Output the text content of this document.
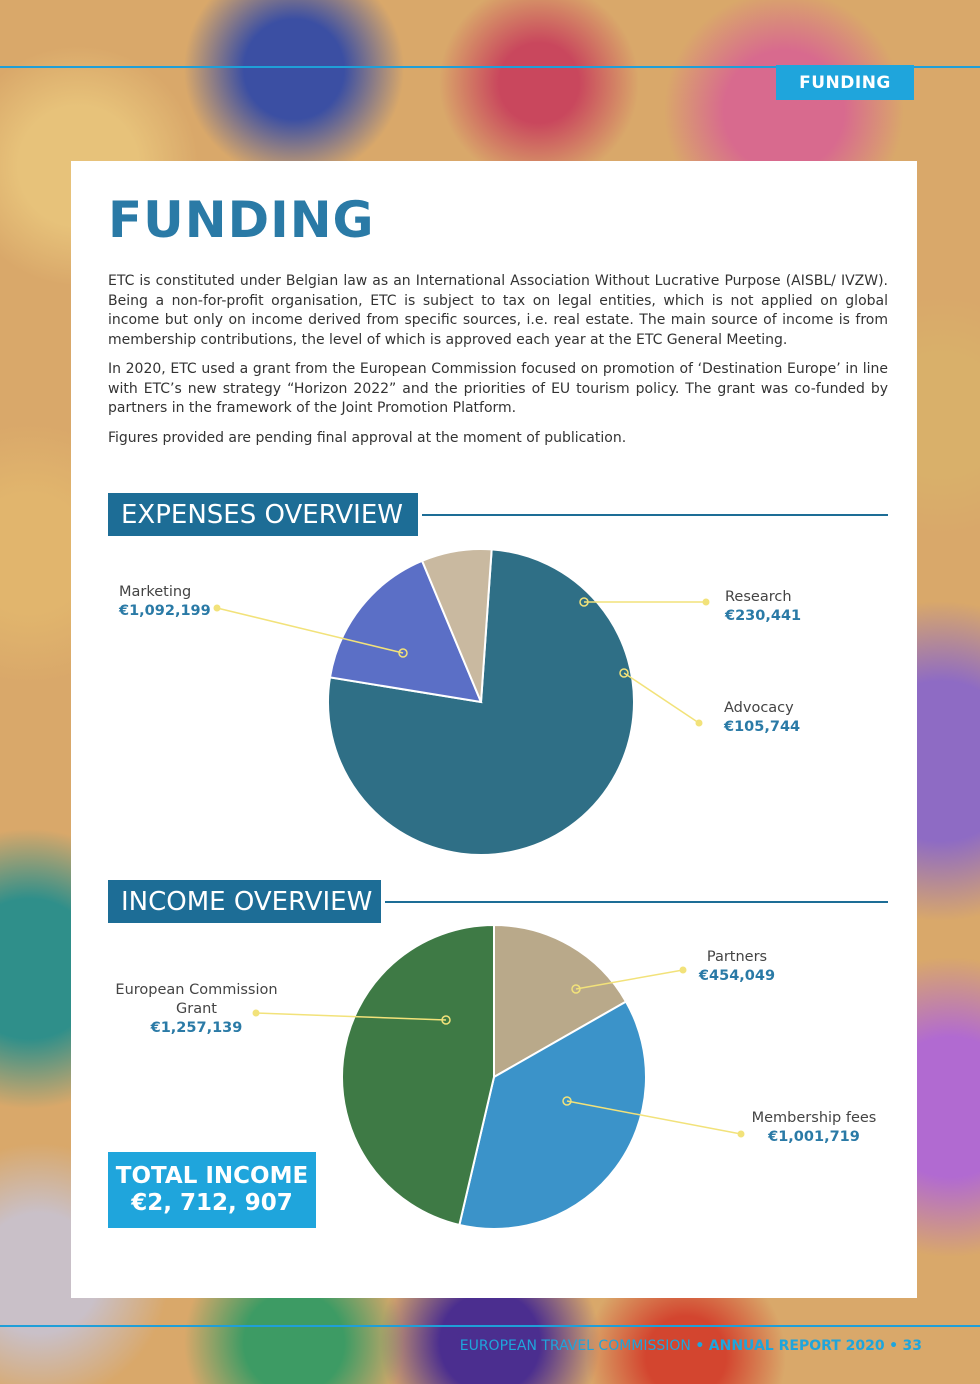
FUNDING
FUNDING

ETC is constituted under Belgian law as an International Association Without Lucrative Purpose (AISBL/ IVZW). Being a non-for-profit organisation, ETC is subject to tax on legal entities, which is not applied on global income but only on income derived from specific sources, i.e. real estate. The main source of income is from membership contributions, the level of which is approved each year at the ETC General Meeting.

In 2020, ETC used a grant from the European Commission focused on promotion of ‘Destination Europe’ in line with ETC’s new strategy “Horizon 2022” and the priorities of EU tourism policy. The grant was co-funded by partners in the framework of the Joint Promotion Platform.

Figures provided are pending final approval at the moment of publication.

EXPENSES OVERVIEW
Marketing
€1,092,199
Research
€230,441
Advocacy
€105,744
INCOME OVERVIEW
European Commission
Grant
€1,257,139
Partners
€454,049
Membership fees
€1,001,719
TOTAL INCOME
€2, 712, 907
EUROPEAN TRAVEL COMMISSION • ANNUAL REPORT 2020 • 33
